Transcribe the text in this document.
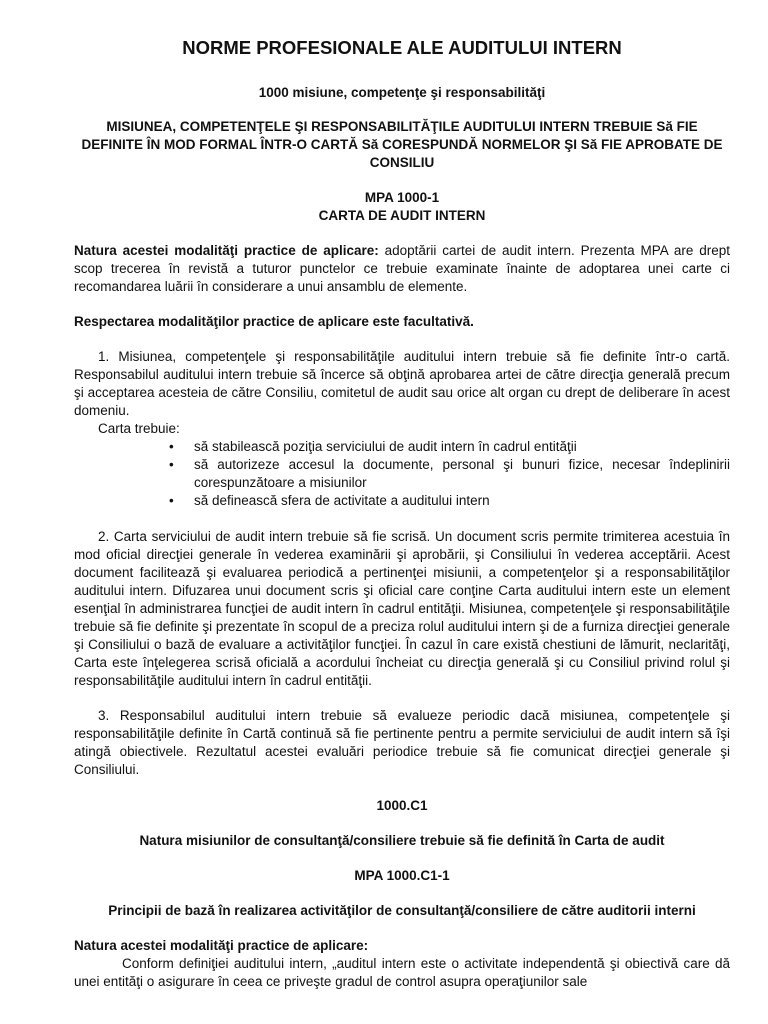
NORME PROFESIONALE ALE AUDITULUI INTERN
1000 misiune, competenţe şi responsabilităţi
MISIUNEA, COMPETENŢELE ŞI RESPONSABILITĂŢILE AUDITULUI INTERN TREBUIE Să FIE DEFINITE ÎN MOD FORMAL ÎNTR-O CARTĂ Să CORESPUNDĂ NORMELOR ŞI Să FIE APROBATE DE CONSILIU
MPA 1000-1
CARTA DE AUDIT INTERN

Natura acestei modalităţi practice de aplicare: adoptării cartei de audit intern. Prezenta MPA are drept scop trecerea în revistă a tuturor punctelor ce trebuie examinate înainte de adoptarea unei carte ci recomandarea luării în considerare a unui ansamblu de elemente.

Respectarea modalităţilor practice de aplicare este facultativă.

1. Misiunea, competenţele şi responsabilităţile auditului intern trebuie să fie definite într-o cartă. Responsabilul auditului intern trebuie să încerce să obţină aprobarea artei de către direcţia generală precum şi acceptarea acesteia de către Consiliu, comitetul de audit sau orice alt organ cu drept de deliberare în acest domeniu.

Carta trebuie:

• să stabilească poziţia serviciului de audit intern în cadrul entităţii
• să autorizeze accesul la documente, personal şi bunuri fizice, necesar îndeplinirii corespunzătoare a misiunilor
• să definească sfera de activitate a auditului intern

2. Carta serviciului de audit intern trebuie să fie scrisă. Un document scris permite trimiterea acestuia în mod oficial direcţiei generale în vederea examinării şi aprobării, şi Consiliului în vederea acceptării. Acest document facilitează şi evaluarea periodică a pertinenţei misiunii, a competenţelor şi a responsabilităţilor auditului intern. Difuzarea unui document scris şi oficial care conţine Carta auditului intern este un element esenţial în administrarea funcţiei de audit intern în cadrul entităţii. Misiunea, competenţele şi responsabilităţile trebuie să fie definite şi prezentate în scopul de a preciza rolul auditului intern şi de a furniza direcţiei generale şi Consiliului o bază de evaluare a activităţilor funcţiei. În cazul în care există chestiuni de lămurit, neclarităţi, Carta este înţelegerea scrisă oficială a acordului încheiat cu direcţia generală şi cu Consiliul privind rolul şi responsabilităţile auditului intern în cadrul entităţii.

3. Responsabilul auditului intern trebuie să evalueze periodic dacă misiunea, competenţele şi responsabilităţile definite în Cartă continuă să fie pertinente pentru a permite serviciului de audit intern să îşi atingă obiectivele. Rezultatul acestei evaluări periodice trebuie să fie comunicat direcţiei generale şi Consiliului.

1000.C1
Natura misiunilor de consultanţă/consiliere trebuie să fie definită în Carta de audit
MPA 1000.C1-1
Principii de bază în realizarea activităţilor de consultanţă/consiliere de către auditorii interni

Natura acestei modalităţi practice de aplicare:

Conform definiţiei auditului intern, „auditul intern este o activitate independentă şi obiectivă care dă unei entităţi o asigurare în ceea ce priveşte gradul de control asupra operaţiunilor sale
